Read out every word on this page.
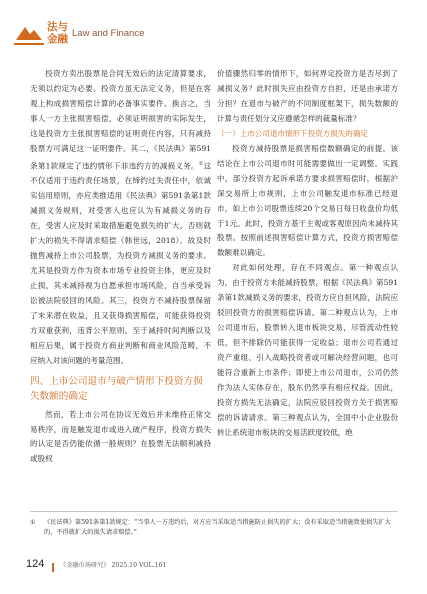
法与
金融 Law and Finance

投资方卖出股票是合同无效后的法定清算要求，无须以约定为必要。投资方虽无法定义务，但是在客观上构成损害赔偿计算的必备事实要件。换言之，当事人一方主张损害赔偿，必须证明损害的实际发生，这是投资方主张损害赔偿的证明责任内容，只有减持股票方可满足这一证明要件。其二，《民法典》第591条第1款规定了违约情形下非违约方的减损义务。①这不仅适用于违约责任场景，在缔约过失责任中，依诚实信用原则，亦应类推适用《民法典》第591条第1款减损义务规则，对受害人也应认为有减损义务的存在，受害人应及时采取措施避免损失的扩大，否则就扩大的损失不得请求赔偿（韩世远，2018）。故及时抛售减持上市公司股票，为投资方减损义务的要求。尤其是投资方作为资本市场专业投资主体，更应及时止损，其未减持视为自愿承担市场风险，自当承受诉讼被法院驳回的风险。其三，投资方不减持股票保留了未来潜在收益，且又获得损害赔偿，可能获得投资方双重获利，违背公平原则。至于减持时间判断以及相应后果，属于投资方商业判断和商业风险范畴，不应纳入对该问题的考量范围。

四、上市公司退市与破产情形下投资方损失数额的确定

然而，若上市公司在协议无效后并未维持正常交易秩序，而是触发退市或进入破产程序，投资方损失的认定是否仍能依循一般规则？在股票无法顺利减持或股权

价值骤然归零的情形下，如何界定投资方是否尽到了减损义务？此时损失应由投资方自担，还是由承诺方分担？在退市与破产的不同制度框架下，损失数额的计算与责任划分又应遵循怎样的裁量标准？

（一）上市公司退市情形下投资方损失的确定

投资方减持股票是损害赔偿数额确定的前提。该结论在上市公司退市时可能需要做出一定调整。实践中，部分投资方起诉承诺方要求损害赔偿时，根据沪深交易所上市规则，上市公司触发退市标准已经退市，如上市公司股票连续20个交易日每日收盘价均低于1元。此时，投资方基于主观或客观原因尚未减持其股票。按照前述损害赔偿计算方式，投资方损害赔偿数额难以确定。

对此如何处理，存在不同观点。第一种观点认为，由于投资方未能减持股票，根据《民法典》第591条第1款减损义务的要求，投资方应自担风险，法院应驳回投资方的损害赔偿诉请。第二种观点认为，上市公司退市后，股票转入退市板块交易，尽管流动性较低，但不排除仍可能获得一定收益；退市公司若通过资产重组、引入战略投资者或可解决经营问题，也可能符合重新上市条件；即使上市公司退市，公司仍然作为法人实体存在，股东仍然享有相应权益。因此，投资方损失无法确定，法院应驳回投资方关于损害赔偿的诉请请求。第三种观点认为，全国中小企业股份转让系统退市板块的交易活跃度较低，绝

① 《民法典》第591条第1款规定：“当事人一方违约后，对方应当采取适当措施防止损失的扩大；没有采取适当措施致使损失扩大的，不得就扩大的损失请求赔偿。”
124	《金融市场研究》 2025.10 VOL.161
